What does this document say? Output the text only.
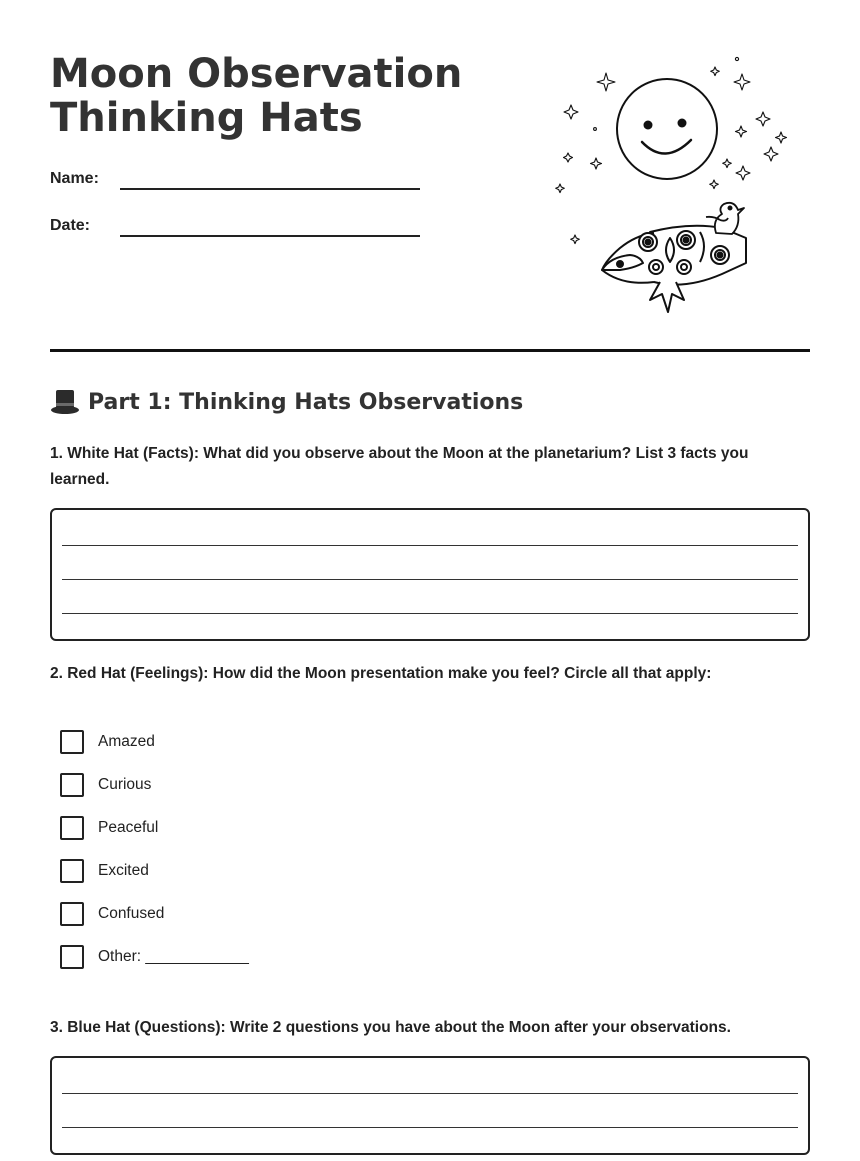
Moon Observation
Thinking Hats
Name:
Date:
Part 1: Thinking Hats Observations

1. White Hat (Facts): What did you observe about the Moon at the planetarium? List 3 facts you learned.

2. Red Hat (Feelings): How did the Moon presentation make you feel? Circle all that apply:

Amazed
Curious
Peaceful
Excited
Confused
Other: ____________

3. Blue Hat (Questions): Write 2 questions you have about the Moon after your observations.
